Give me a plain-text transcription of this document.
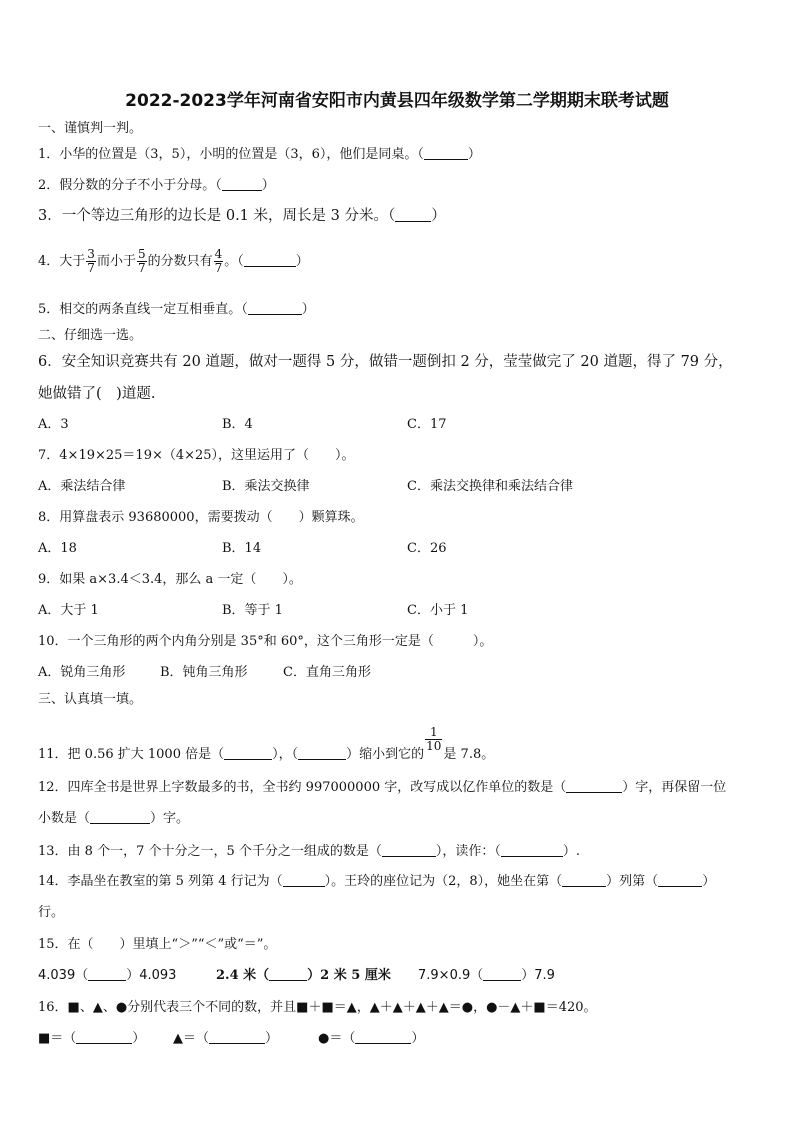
2022-2023学年河南省安阳市内黄县四年级数学第二学期期末联考试题
一、谨慎判一判。
1．小华的位置是（3，5），小明的位置是（3，6），他们是同桌。（	）
2．假分数的分子不小于分母。（	）
3．一个等边三角形的边长是 0.1 米，周长是 3 分米。（ ）
4．大于 $\frac{3}{7}$ 而小于 $\frac{5}{7}$ 的分数只有 $\frac{4}{7}$ 。（	）
5．相交的两条直线一定互相垂直。（	）
二、仔细选一选。
6．安全知识竞赛共有 20 道题，做对一题得 5 分，做错一题倒扣 2 分，莹莹做完了 20 道题，得了 79 分，
她做错了(　)道题.
A．3	B．4	C．17
7．4×19×25＝19×（4×25），这里运用了（　　）。
A．乘法结合律	B．乘法交换律	C．乘法交换律和乘法结合律
8．用算盘表示 93680000，需要拨动（　　）颗算珠。
A．18	B．14	C．26
9．如果 a×3.4＜3.4，那么 a 一定（　　）。
A．大于 1	B．等于 1	C．小于 1
10．一个三角形的两个内角分别是 35°和 60°，这个三角形一定是（　　　）。
A．锐角三角形	B．钝角三角形	C．直角三角形
三、认真填一填。
11．把 0.56 扩大 1000 倍是（	），（	）缩小到它的
$\frac{1}{10}$
是 7.8。
12．四库全书是世界上字数最多的书，全书约 997000000 字，改写成以亿作单位的数是（	）字，再保留一位
小数是（	）字。
13．由 8 个一，7 个十分之一，5 个千分之一组成的数是（	），读作：（	）.
14．李晶坐在教室的第 5 列第 4 行记为（	）。王玲的座位记为（2，8），她坐在第（	）列第（	）
行。
15．在（　　）里填上“＞”“＜”或“＝”。
4.039（	）4.093	2.4 米（	）2 米 5 厘米 7.9×0.9（	）7.9
16．■、▲、●分别代表三个不同的数，并且■＋■＝▲，▲＋▲＋▲＋▲＝●，●－▲＋■＝420。
■＝（	） ▲＝（	）	●＝（	）
